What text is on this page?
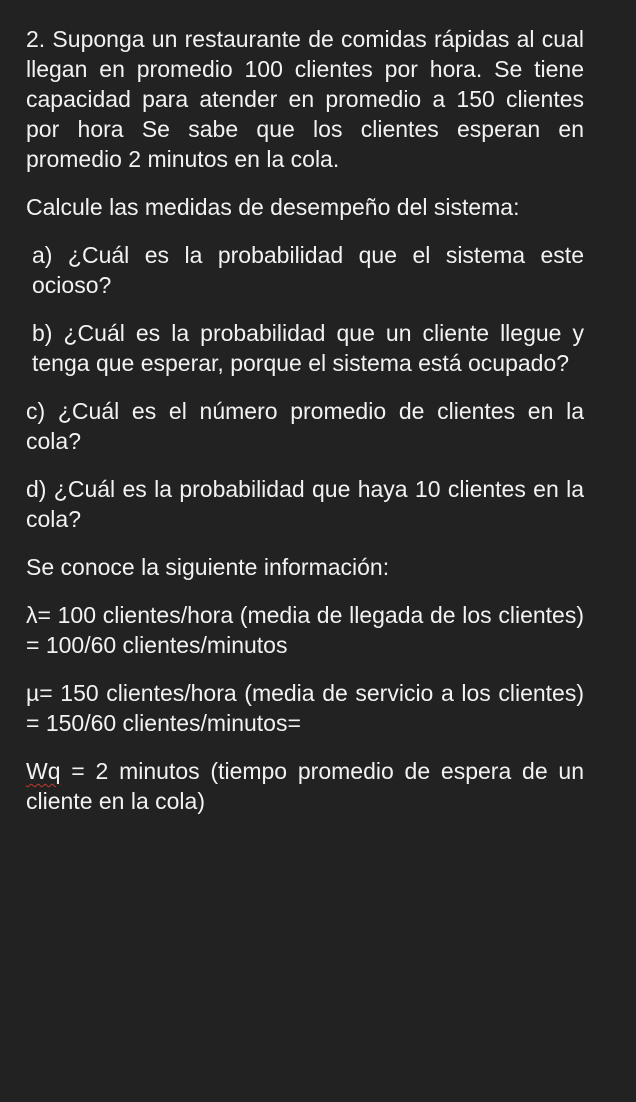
2. Suponga un restaurante de comidas rápidas al cual llegan en promedio 100 clientes por hora. Se tiene capacidad para atender en promedio a 150 clientes por hora Se sabe que los clientes esperan en promedio 2 minutos en la cola.

Calcule las medidas de desempeño del sistema:

a) ¿Cuál es la probabilidad que el sistema este ocioso?

b) ¿Cuál es la probabilidad que un cliente llegue y tenga que esperar, porque el sistema está ocupado?

c) ¿Cuál es el número promedio de clientes en la cola?

d) ¿Cuál es la probabilidad que haya 10 clientes en la cola?

Se conoce la siguiente información:

λ= 100 clientes/hora (media de llegada de los clientes) = 100/60 clientes/minutos

µ= 150 clientes/hora (media de servicio a los clientes) = 150/60 clientes/minutos=

Wq = 2 minutos (tiempo promedio de espera de un cliente en la cola)
